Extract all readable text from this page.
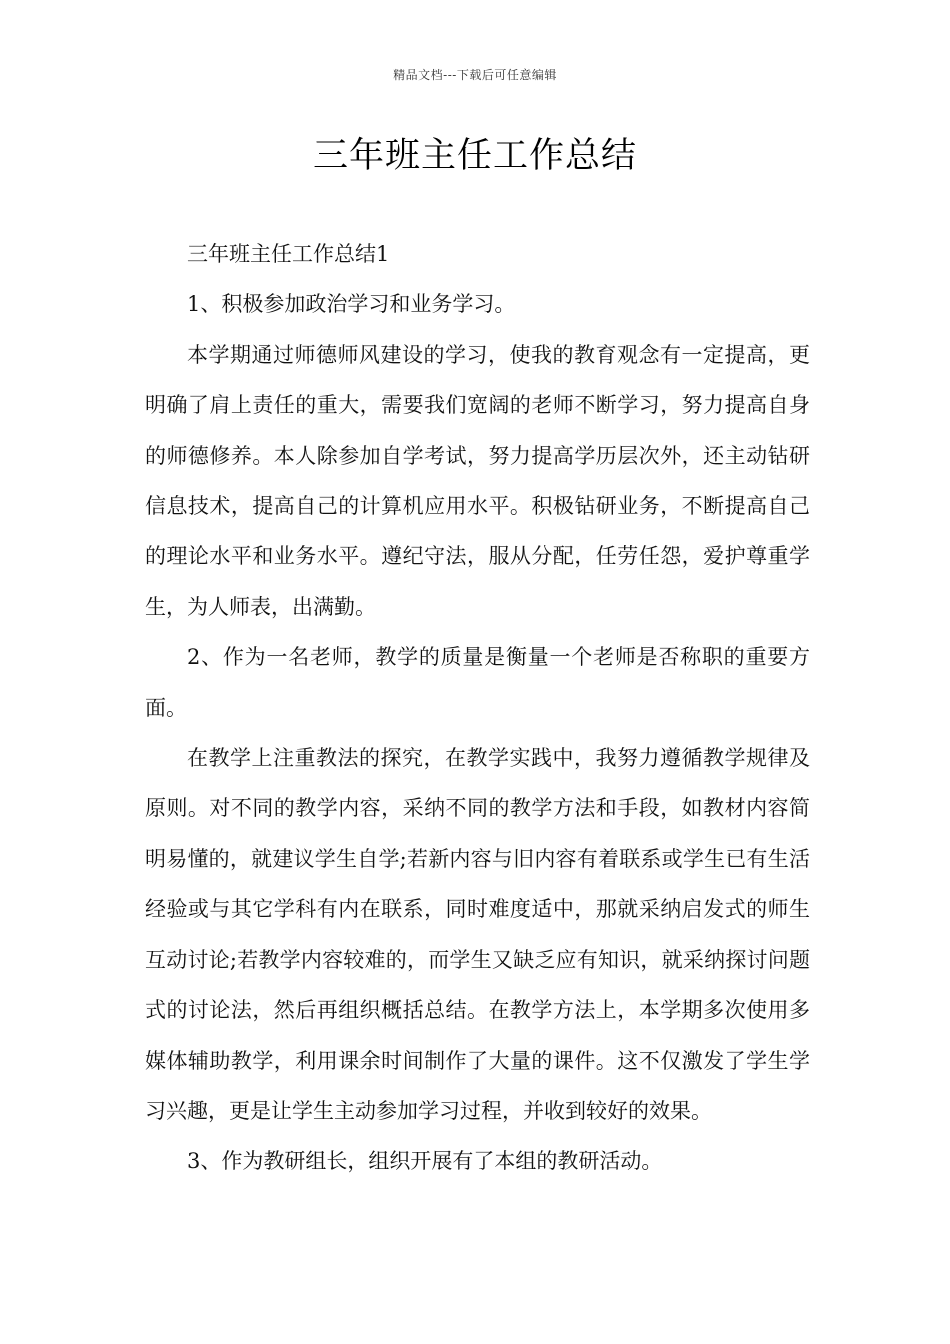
精品文档---下载后可任意编辑
三年班主任工作总结

三年班主任工作总结1

1、积极参加政治学习和业务学习。

本学期通过师德师风建设的学习，使我的教育观念有一定提高，更明确了肩上责任的重大，需要我们宽阔的老师不断学习，努力提高自身的师德修养。本人除参加自学考试，努力提高学历层次外，还主动钻研信息技术，提高自己的计算机应用水平。积极钻研业务，不断提高自己的理论水平和业务水平。遵纪守法，服从分配，任劳任怨，爱护尊重学生，为人师表，出满勤。

2、作为一名老师，教学的质量是衡量一个老师是否称职的重要方面。

在教学上注重教法的探究，在教学实践中，我努力遵循教学规律及原则。对不同的教学内容，采纳不同的教学方法和手段，如教材内容简明易懂的，就建议学生自学;若新内容与旧内容有着联系或学生已有生活经验或与其它学科有内在联系，同时难度适中，那就采纳启发式的师生互动讨论;若教学内容较难的，而学生又缺乏应有知识，就采纳探讨问题式的讨论法，然后再组织概括总结。在教学方法上，本学期多次使用多媒体辅助教学，利用课余时间制作了大量的课件。这不仅激发了学生学习兴趣，更是让学生主动参加学习过程，并收到较好的效果。

3、作为教研组长，组织开展有了本组的教研活动。
